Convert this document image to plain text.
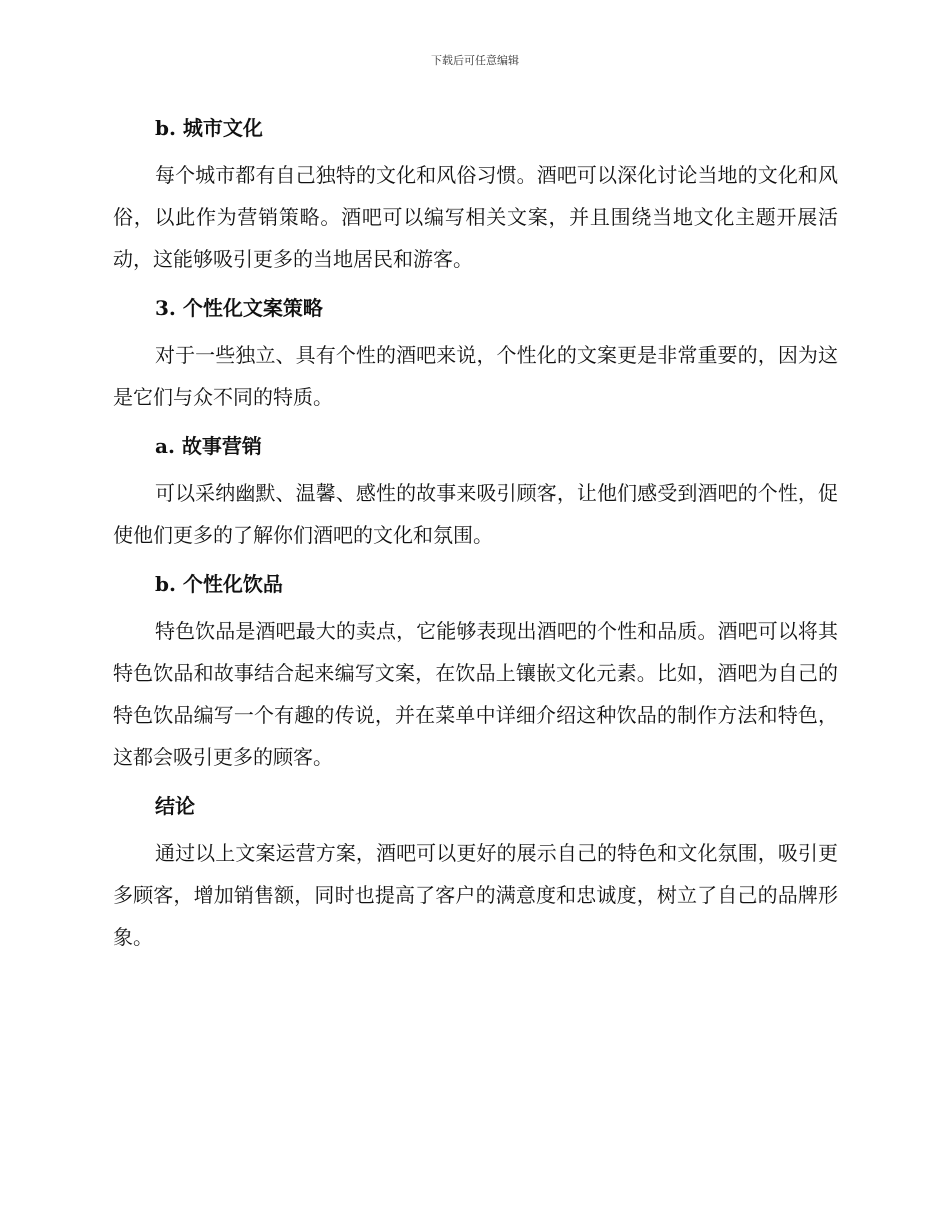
下载后可任意编辑
b. 城市文化

每个城市都有自己独特的文化和风俗习惯。酒吧可以深化讨论当地的文化和风俗，以此作为营销策略。酒吧可以编写相关文案，并且围绕当地文化主题开展活动，这能够吸引更多的当地居民和游客。

3. 个性化文案策略

对于一些独立、具有个性的酒吧来说，个性化的文案更是非常重要的，因为这是它们与众不同的特质。

a. 故事营销

可以采纳幽默、温馨、感性的故事来吸引顾客，让他们感受到酒吧的个性，促使他们更多的了解你们酒吧的文化和氛围。

b. 个性化饮品

特色饮品是酒吧最大的卖点，它能够表现出酒吧的个性和品质。酒吧可以将其特色饮品和故事结合起来编写文案，在饮品上镶嵌文化元素。比如，酒吧为自己的特色饮品编写一个有趣的传说，并在菜单中详细介绍这种饮品的制作方法和特色，这都会吸引更多的顾客。

结论

通过以上文案运营方案，酒吧可以更好的展示自己的特色和文化氛围，吸引更多顾客，增加销售额，同时也提高了客户的满意度和忠诚度，树立了自己的品牌形象。
